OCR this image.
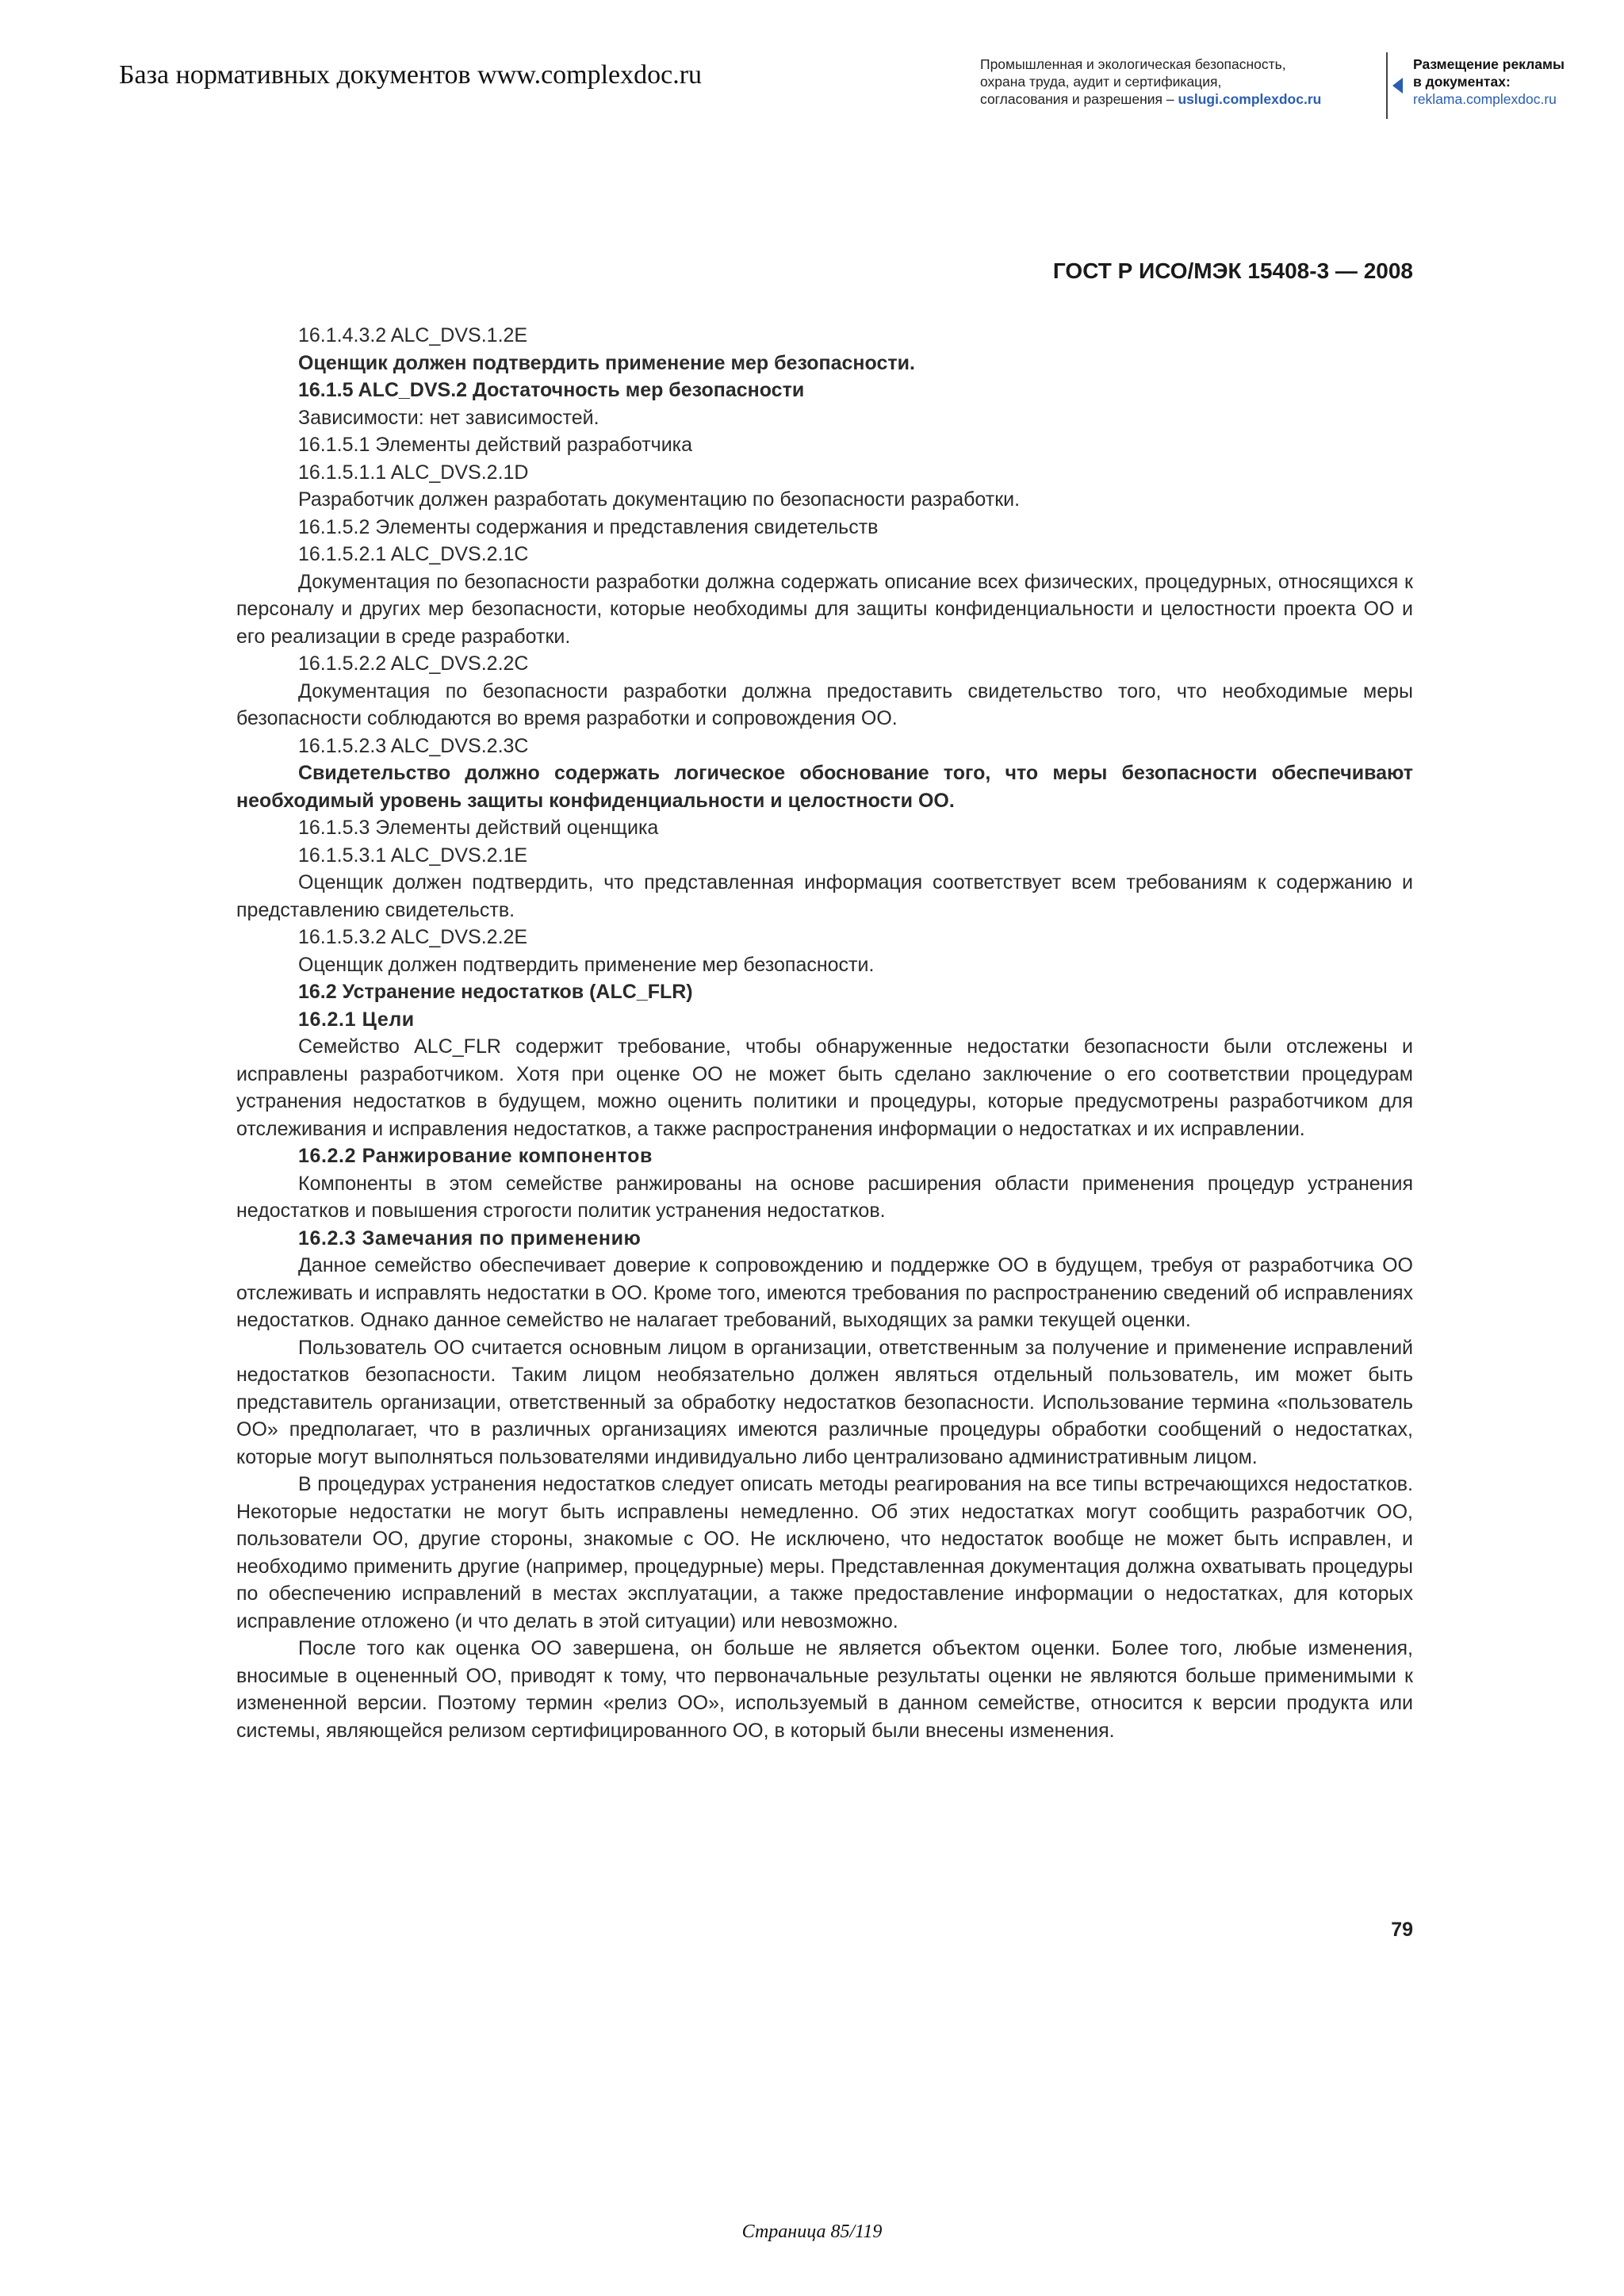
База нормативных документов www.complexdoc.ru	Промышленная и экологическая безопасность,
охрана труда, аудит и сертификация,
согласования и разрешения – uslugi.complexdoc.ru
Размещение рекламы
в документах:
reklama.complexdoc.ru
ГОСТ Р ИСО/МЭК 15408-3 — 2008

16.1.4.3.2 ALC_DVS.1.2E

Оценщик должен подтвердить применение мер безопасности.

16.1.5 ALC_DVS.2 Достаточность мер безопасности

Зависимости: нет зависимостей.

16.1.5.1 Элементы действий разработчика

16.1.5.1.1 ALC_DVS.2.1D

Разработчик должен разработать документацию по безопасности разработки.

16.1.5.2 Элементы содержания и представления свидетельств

16.1.5.2.1 ALC_DVS.2.1C

Документация по безопасности разработки должна содержать описание всех физических, процедурных, относящихся к персоналу и других мер безопасности, которые необходимы для защиты конфиденциальности и целостности проекта ОО и его реализации в среде разработки.

16.1.5.2.2 ALC_DVS.2.2C

Документация по безопасности разработки должна предоставить свидетельство того, что необходимые меры безопасности соблюдаются во время разработки и сопровождения ОО.

16.1.5.2.3 ALC_DVS.2.3C

Свидетельство должно содержать логическое обоснование того, что меры безопасности обеспечивают необходимый уровень защиты конфиденциальности и целостности ОО.

16.1.5.3 Элементы действий оценщика

16.1.5.3.1 ALC_DVS.2.1E

Оценщик должен подтвердить, что представленная информация соответствует всем требованиям к содержанию и представлению свидетельств.

16.1.5.3.2 ALC_DVS.2.2E

Оценщик должен подтвердить применение мер безопасности.

16.2 Устранение недостатков (ALC_FLR)

16.2.1 Цели

Семейство ALC_FLR содержит требование, чтобы обнаруженные недостатки безопасности были отслежены и исправлены разработчиком. Хотя при оценке ОО не может быть сделано заключение о его соответствии процедурам устранения недостатков в будущем, можно оценить политики и процедуры, которые предусмотрены разработчиком для отслеживания и исправления недостатков, а также распространения информации о недостатках и их исправлении.

16.2.2 Ранжирование компонентов

Компоненты в этом семействе ранжированы на основе расширения области применения процедур устранения недостатков и повышения строгости политик устранения недостатков.

16.2.3 Замечания по применению

Данное семейство обеспечивает доверие к сопровождению и поддержке ОО в будущем, требуя от разработчика ОО отслеживать и исправлять недостатки в ОО. Кроме того, имеются требования по распространению сведений об исправлениях недостатков. Однако данное семейство не налагает требований, выходящих за рамки текущей оценки.

Пользователь ОО считается основным лицом в организации, ответственным за получение и применение исправлений недостатков безопасности. Таким лицом необязательно должен являться отдельный пользователь, им может быть представитель организации, ответственный за обработку недостатков безопасности. Использование термина «пользователь ОО» предполагает, что в различных организациях имеются различные процедуры обработки сообщений о недостатках, которые могут выполняться пользователями индивидуально либо централизовано административным лицом.

В процедурах устранения недостатков следует описать методы реагирования на все типы встречающихся недостатков. Некоторые недостатки не могут быть исправлены немедленно. Об этих недостатках могут сообщить разработчик ОО, пользователи ОО, другие стороны, знакомые с ОО. Не исключено, что недостаток вообще не может быть исправлен, и необходимо применить другие (например, процедурные) меры. Представленная документация должна охватывать процедуры по обеспечению исправлений в местах эксплуатации, а также предоставление информации о недостатках, для которых исправление отложено (и что делать в этой ситуации) или невозможно.

После того как оценка ОО завершена, он больше не является объектом оценки. Более того, любые изменения, вносимые в оцененный ОО, приводят к тому, что первоначальные результаты оценки не являются больше применимыми к измененной версии. Поэтому термин «релиз ОО», используемый в данном семействе, относится к версии продукта или системы, являющейся релизом сертифицированного ОО, в который были внесены изменения.

79
Страница 85/119
